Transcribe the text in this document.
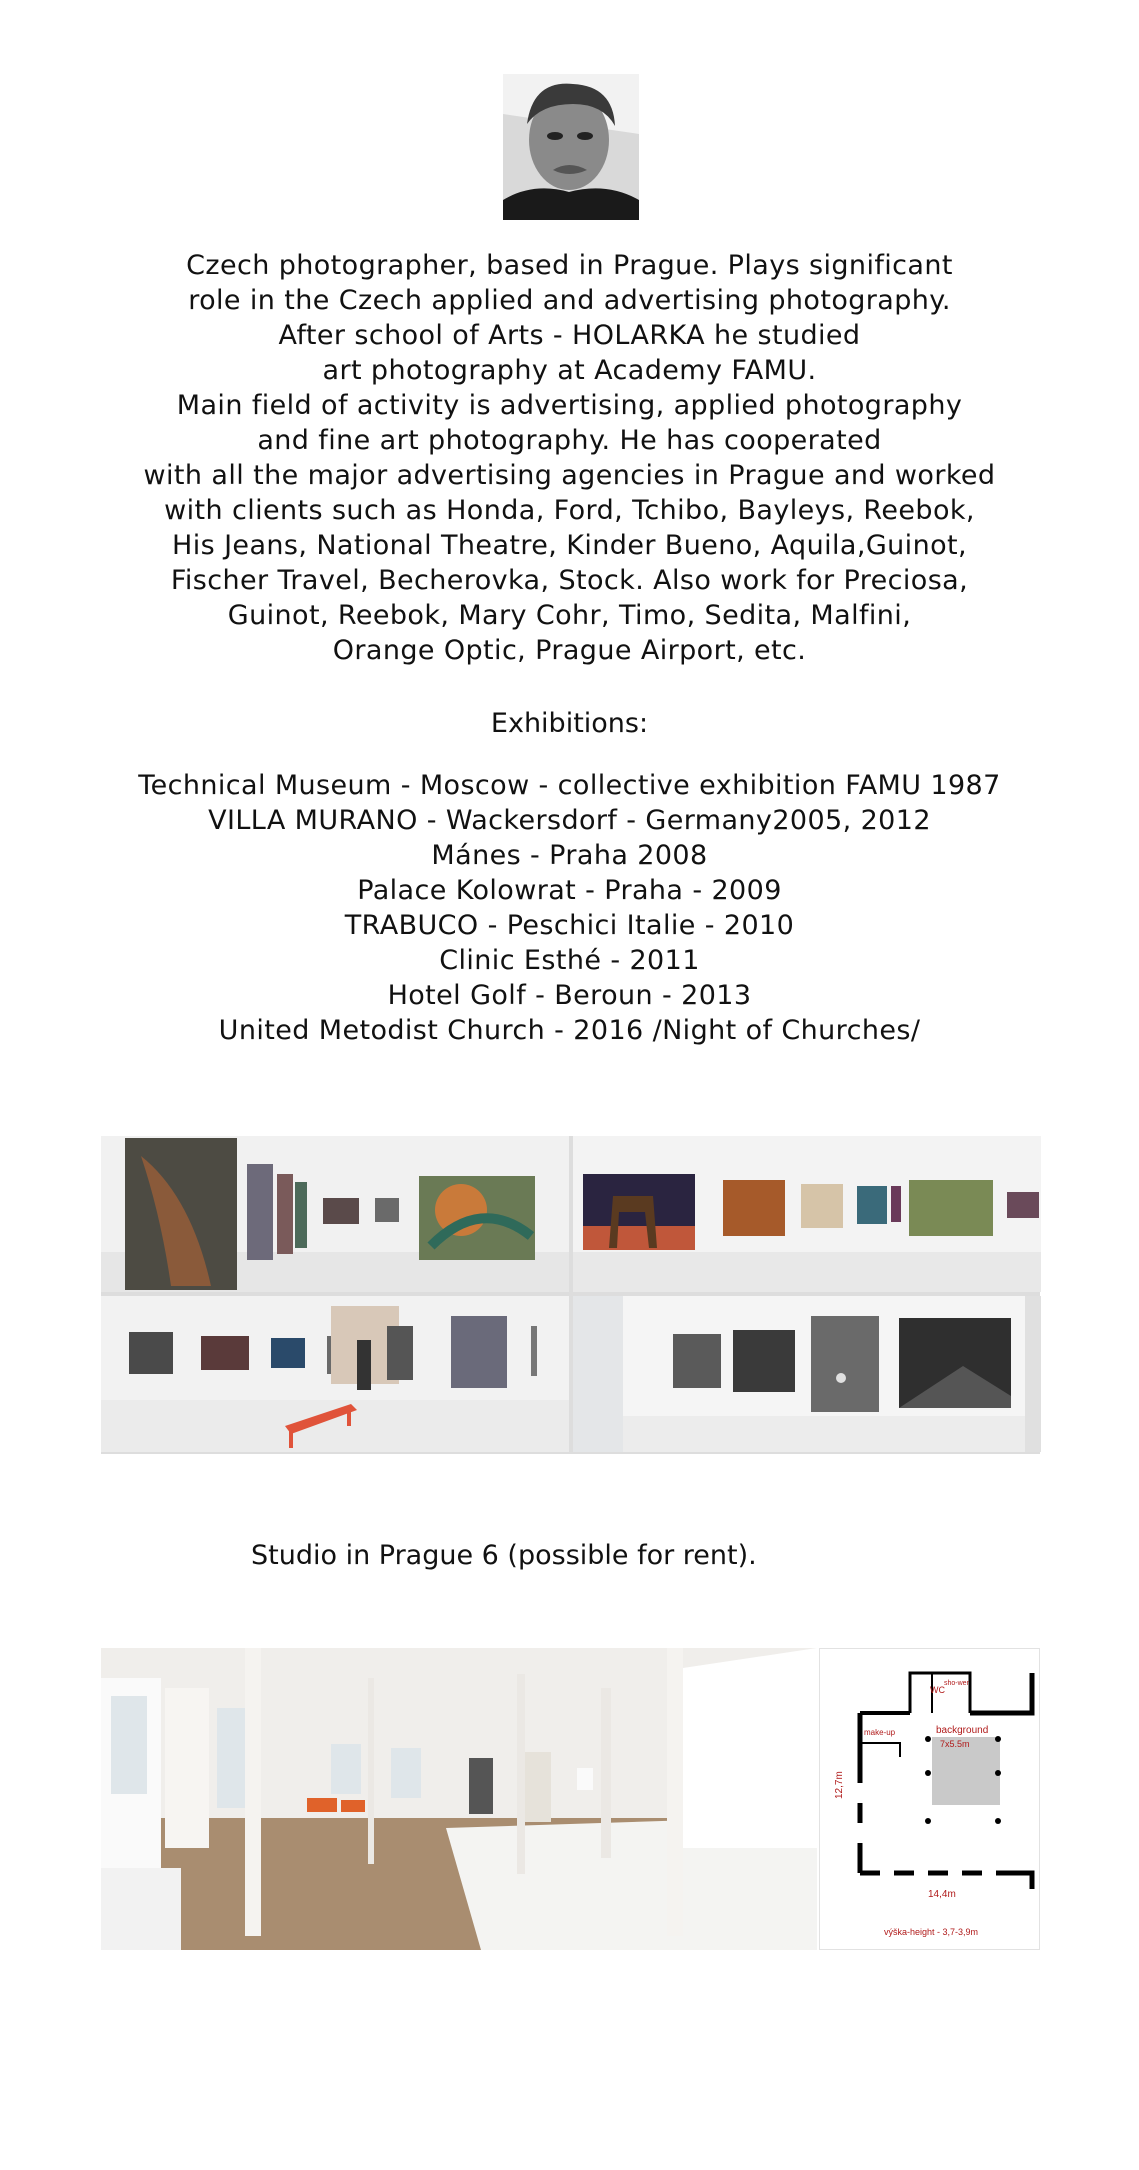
Czech photographer, based in Prague. Plays significant
role in the Czech applied and advertising photography.
After school of Arts - HOLARKA he studied
art photography at Academy FAMU.
Main field of activity is advertising, applied photography
and fine art photography. He has cooperated
with all the major advertising agencies in Prague and worked
with clients such as Honda, Ford, Tchibo, Bayleys, Reebok,
His Jeans, National Theatre, Kinder Bueno, Aquila,Guinot,
Fischer Travel, Becherovka, Stock. Also work for Preciosa,
Guinot, Reebok, Mary Cohr, Timo, Sedita, Malfini,
Orange Optic, Prague Airport, etc.
Exhibitions:
Technical Museum - Moscow - collective exhibition FAMU 1987
VILLA MURANO - Wackersdorf - Germany2005, 2012
Mánes - Praha 2008
Palace Kolowrat - Praha - 2009
TRABUCO - Peschici Italie - 2010
Clinic Esthé - 2011
Hotel Golf - Beroun - 2013
United Metodist Church - 2016 /Night of Churches/
Studio in Prague 6 (possible for rent).
WC
sho-wer
make-up	background
7x5.5m
14,4m
12,7m
výška-height - 3,7-3,9m
